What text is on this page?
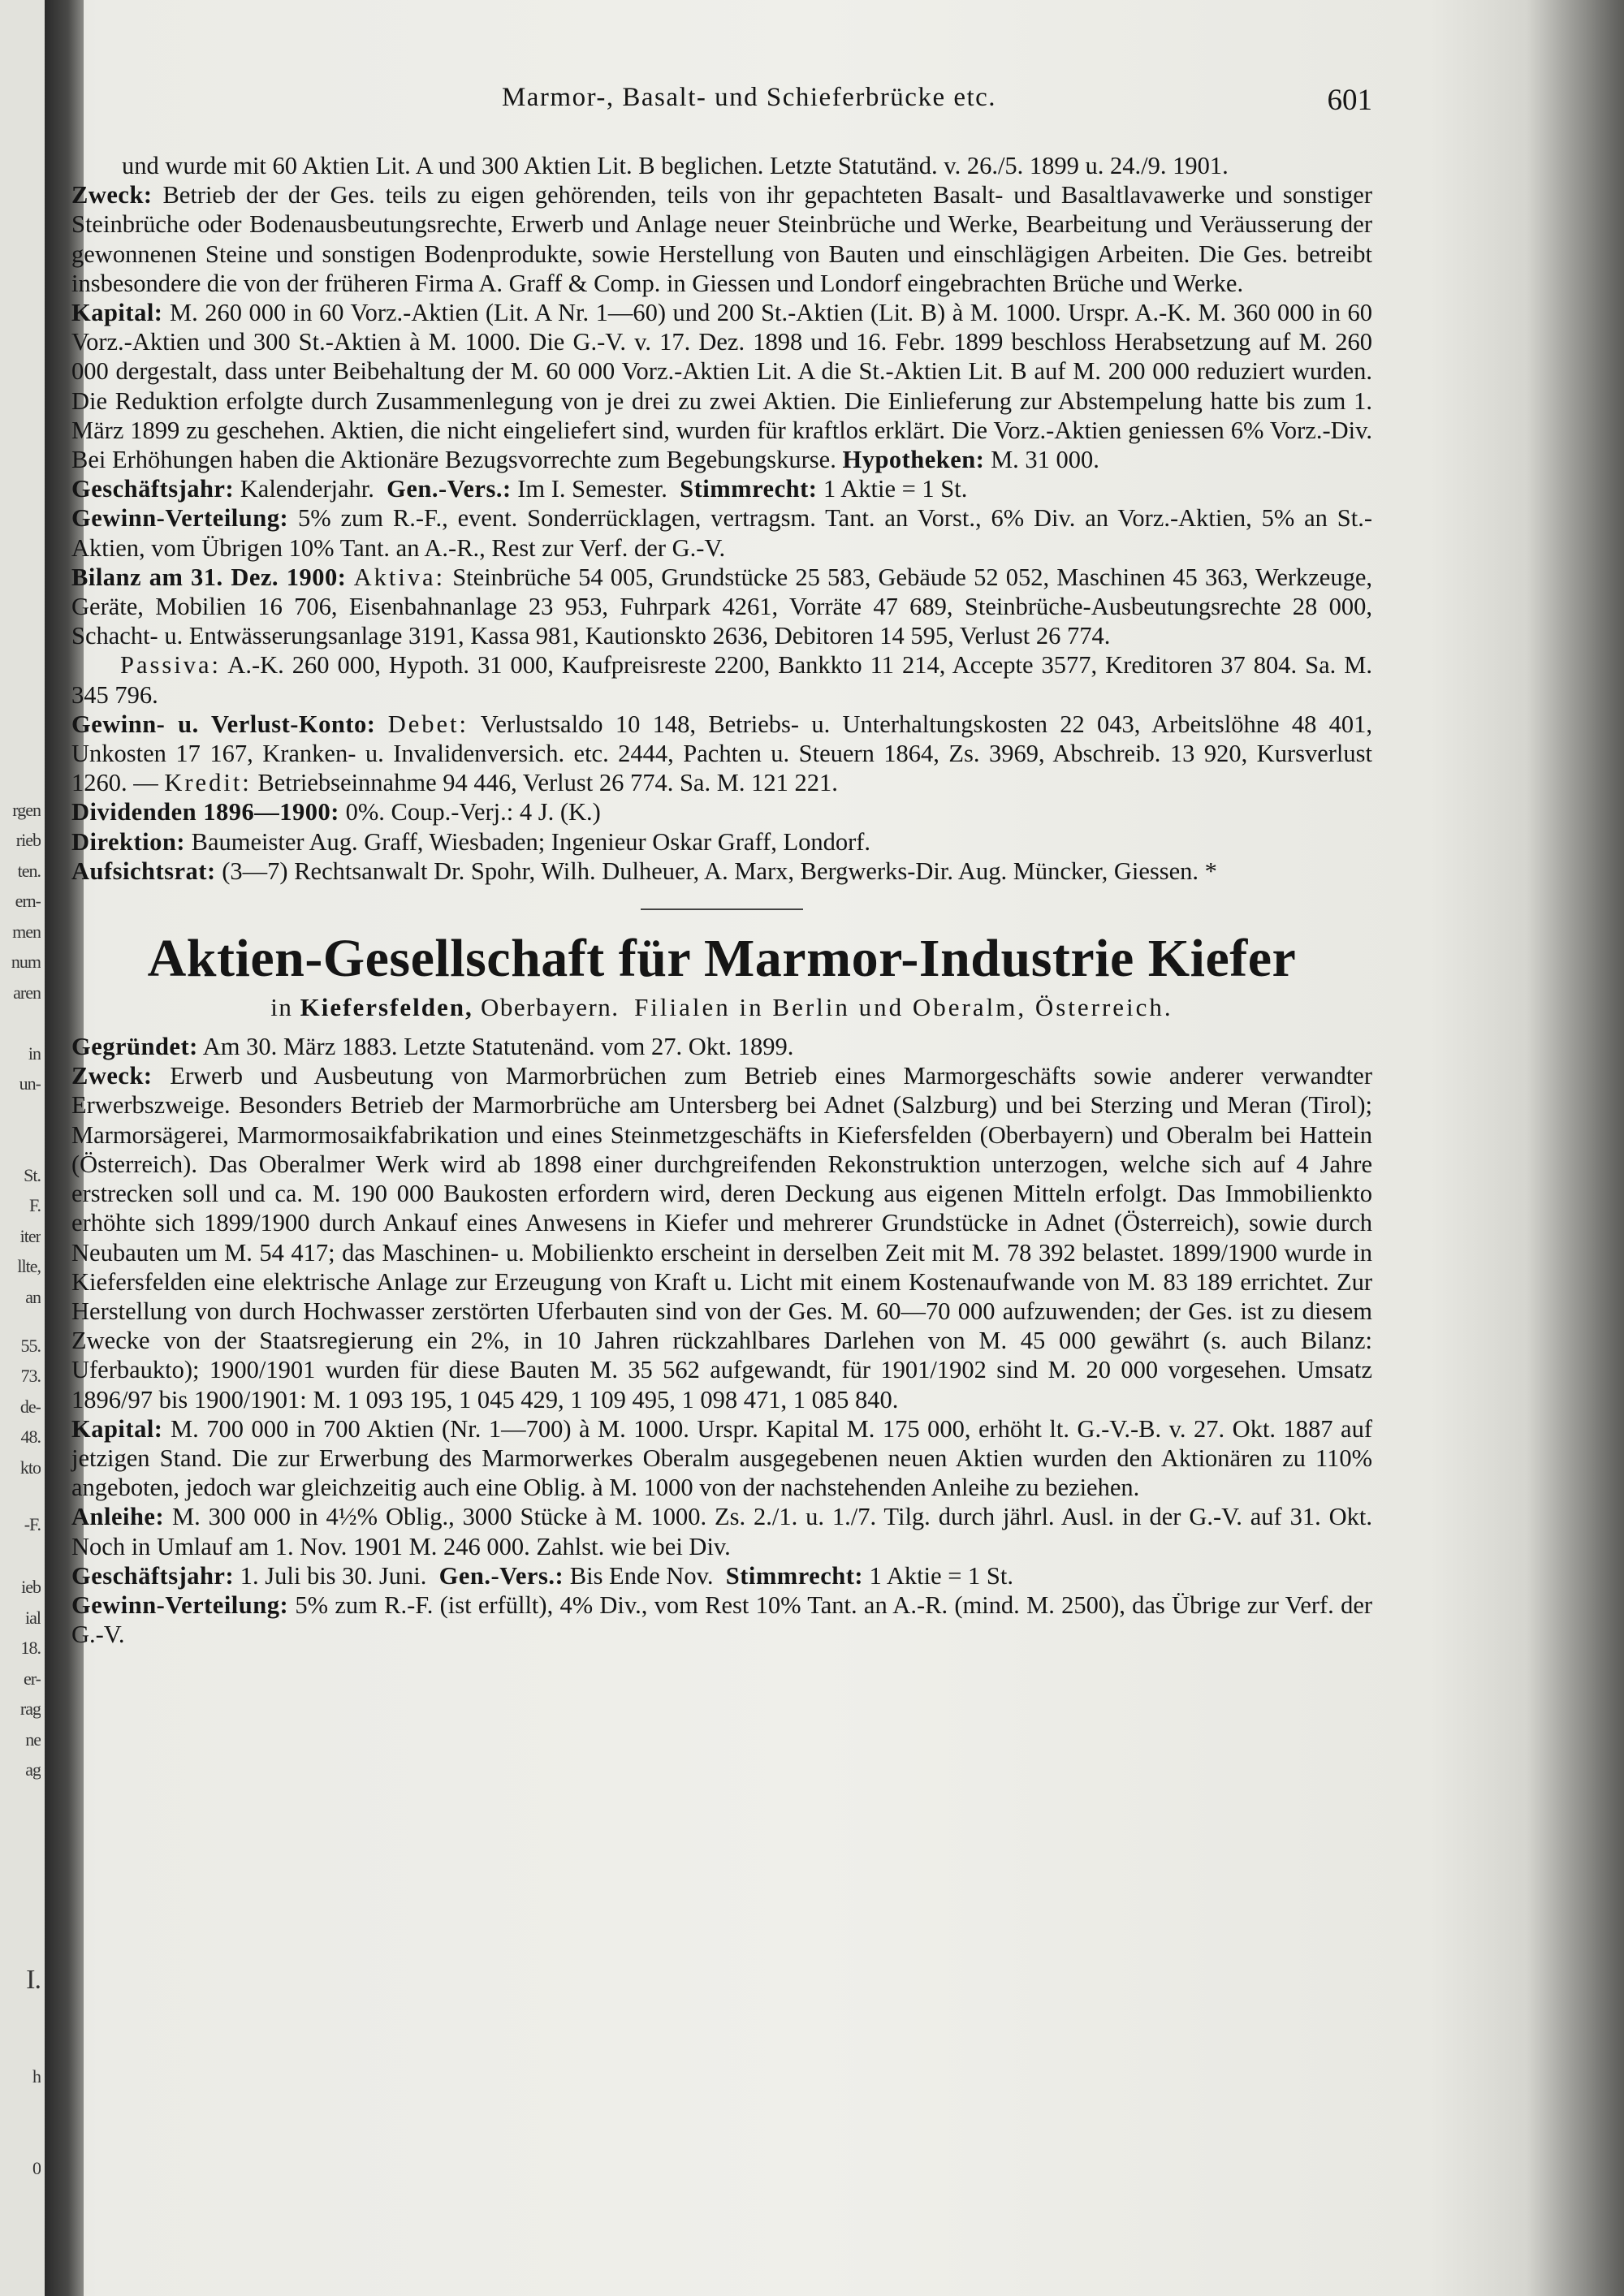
rgen
rieb
ten.
ern-
men
num
aren
in
un-
St.
F.
iter
llte,
an
55.
73.
de-
48.
kto
-F.
ieb
ial
18.
er-
rag
ne
ag
I.
h
0
Marmor-, Basalt- und Schieferbrücke etc.	601

und wurde mit 60 Aktien Lit. A und 300 Aktien Lit. B beglichen. Letzte Statutänd. v. 26./5. 1899 u. 24./9. 1901.

Zweck: Betrieb der der Ges. teils zu eigen gehörenden, teils von ihr gepachteten Basalt- und Basaltlavawerke und sonstiger Steinbrüche oder Bodenausbeutungsrechte, Erwerb und Anlage neuer Steinbrüche und Werke, Bearbeitung und Veräusserung der gewonnenen Steine und sonstigen Bodenprodukte, sowie Herstellung von Bauten und einschlägigen Arbeiten. Die Ges. betreibt insbesondere die von der früheren Firma A. Graff & Comp. in Giessen und Londorf eingebrachten Brüche und Werke.

Kapital: M. 260 000 in 60 Vorz.-Aktien (Lit. A Nr. 1—60) und 200 St.-Aktien (Lit. B) à M. 1000. Urspr. A.-K. M. 360 000 in 60 Vorz.-Aktien und 300 St.-Aktien à M. 1000. Die G.-V. v. 17. Dez. 1898 und 16. Febr. 1899 beschloss Herabsetzung auf M. 260 000 dergestalt, dass unter Beibehaltung der M. 60 000 Vorz.-Aktien Lit. A die St.-Aktien Lit. B auf M. 200 000 reduziert wurden. Die Reduktion erfolgte durch Zusammenlegung von je drei zu zwei Aktien. Die Einlieferung zur Abstempelung hatte bis zum 1. März 1899 zu geschehen. Aktien, die nicht eingeliefert sind, wurden für kraftlos erklärt. Die Vorz.-Aktien geniessen 6% Vorz.-Div. Bei Erhöhungen haben die Aktionäre Bezugsvorrechte zum Begebungskurse. Hypotheken: M. 31 000.

Geschäftsjahr: Kalenderjahr. Gen.-Vers.: Im I. Semester. Stimmrecht: 1 Aktie = 1 St.

Gewinn-Verteilung: 5% zum R.-F., event. Sonderrücklagen, vertragsm. Tant. an Vorst., 6% Div. an Vorz.-Aktien, 5% an St.-Aktien, vom Übrigen 10% Tant. an A.-R., Rest zur Verf. der G.-V.

Bilanz am 31. Dez. 1900: Aktiva: Steinbrüche 54 005, Grundstücke 25 583, Gebäude 52 052, Maschinen 45 363, Werkzeuge, Geräte, Mobilien 16 706, Eisenbahnanlage 23 953, Fuhrpark 4261, Vorräte 47 689, Steinbrüche-Ausbeutungsrechte 28 000, Schacht- u. Entwässerungsanlage 3191, Kassa 981, Kautionskto 2636, Debitoren 14 595, Verlust 26 774.

Passiva: A.-K. 260 000, Hypoth. 31 000, Kaufpreisreste 2200, Bankkto 11 214, Accepte 3577, Kreditoren 37 804. Sa. M. 345 796.

Gewinn- u. Verlust-Konto: Debet: Verlustsaldo 10 148, Betriebs- u. Unterhaltungskosten 22 043, Arbeitslöhne 48 401, Unkosten 17 167, Kranken- u. Invalidenversich. etc. 2444, Pachten u. Steuern 1864, Zs. 3969, Abschreib. 13 920, Kursverlust 1260. — Kredit: Betriebseinnahme 94 446, Verlust 26 774. Sa. M. 121 221.

Dividenden 1896—1900: 0%. Coup.-Verj.: 4 J. (K.)

Direktion: Baumeister Aug. Graff, Wiesbaden; Ingenieur Oskar Graff, Londorf.

Aufsichtsrat: (3—7) Rechtsanwalt Dr. Spohr, Wilh. Dulheuer, A. Marx, Bergwerks-Dir. Aug. Müncker, Giessen. *

Aktien-Gesellschaft für Marmor-Industrie Kiefer
in Kiefersfelden, Oberbayern. Filialen in Berlin und Oberalm, Österreich.

Gegründet: Am 30. März 1883. Letzte Statutenänd. vom 27. Okt. 1899.

Zweck: Erwerb und Ausbeutung von Marmorbrüchen zum Betrieb eines Marmorgeschäfts sowie anderer verwandter Erwerbszweige. Besonders Betrieb der Marmorbrüche am Untersberg bei Adnet (Salzburg) und bei Sterzing und Meran (Tirol); Marmorsägerei, Marmormosaikfabrikation und eines Steinmetzgeschäfts in Kiefersfelden (Oberbayern) und Oberalm bei Hattein (Österreich). Das Oberalmer Werk wird ab 1898 einer durchgreifenden Rekonstruktion unterzogen, welche sich auf 4 Jahre erstrecken soll und ca. M. 190 000 Baukosten erfordern wird, deren Deckung aus eigenen Mitteln erfolgt. Das Immobilienkto erhöhte sich 1899/1900 durch Ankauf eines Anwesens in Kiefer und mehrerer Grundstücke in Adnet (Österreich), sowie durch Neubauten um M. 54 417; das Maschinen- u. Mobilienkto erscheint in derselben Zeit mit M. 78 392 belastet. 1899/1900 wurde in Kiefersfelden eine elektrische Anlage zur Erzeugung von Kraft u. Licht mit einem Kostenaufwande von M. 83 189 errichtet. Zur Herstellung von durch Hochwasser zerstörten Uferbauten sind von der Ges. M. 60—70 000 aufzuwenden; der Ges. ist zu diesem Zwecke von der Staatsregierung ein 2%, in 10 Jahren rückzahlbares Darlehen von M. 45 000 gewährt (s. auch Bilanz: Uferbaukto); 1900/1901 wurden für diese Bauten M. 35 562 aufgewandt, für 1901/1902 sind M. 20 000 vorgesehen. Umsatz 1896/97 bis 1900/1901: M. 1 093 195, 1 045 429, 1 109 495, 1 098 471, 1 085 840.

Kapital: M. 700 000 in 700 Aktien (Nr. 1—700) à M. 1000. Urspr. Kapital M. 175 000, erhöht lt. G.-V.-B. v. 27. Okt. 1887 auf jetzigen Stand. Die zur Erwerbung des Marmorwerkes Oberalm ausgegebenen neuen Aktien wurden den Aktionären zu 110% angeboten, jedoch war gleichzeitig auch eine Oblig. à M. 1000 von der nachstehenden Anleihe zu beziehen.

Anleihe: M. 300 000 in 4½% Oblig., 3000 Stücke à M. 1000. Zs. 2./1. u. 1./7. Tilg. durch jährl. Ausl. in der G.-V. auf 31. Okt. Noch in Umlauf am 1. Nov. 1901 M. 246 000. Zahlst. wie bei Div.

Geschäftsjahr: 1. Juli bis 30. Juni. Gen.-Vers.: Bis Ende Nov. Stimmrecht: 1 Aktie = 1 St.

Gewinn-Verteilung: 5% zum R.-F. (ist erfüllt), 4% Div., vom Rest 10% Tant. an A.-R. (mind. M. 2500), das Übrige zur Verf. der G.-V.
